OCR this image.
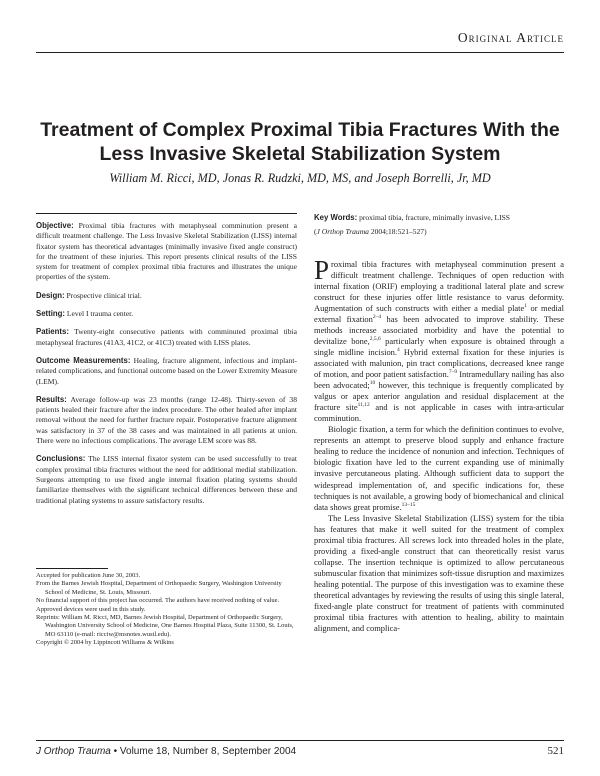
Original Article
Treatment of Complex Proximal Tibia Fractures With the Less Invasive Skeletal Stabilization System
William M. Ricci, MD, Jonas R. Rudzki, MD, MS, and Joseph Borrelli, Jr, MD

Objective: Proximal tibia fractures with metaphyseal comminution present a difficult treatment challenge. The Less Invasive Skeletal Stabilization (LISS) internal fixator system has theoretical advantages (minimally invasive fixed angle construct) for the treatment of these injuries. This report presents clinical results of the LISS system for treatment of complex proximal tibia fractures and illustrates the unique properties of the system.

Design: Prospective clinical trial.

Setting: Level I trauma center.

Patients: Twenty-eight consecutive patients with comminuted proximal tibia metaphyseal fractures (41A3, 41C2, or 41C3) treated with LISS plates.

Outcome Measurements: Healing, fracture alignment, infectious and implant-related complications, and functional outcome based on the Lower Extremity Measure (LEM).

Results: Average follow-up was 23 months (range 12-48). Thirty-seven of 38 patients healed their fracture after the index procedure. The other healed after implant removal without the need for further fracture repair. Postoperative fracture alignment was satisfactory in 37 of the 38 cases and was maintained in all patients at union. There were no infectious complications. The average LEM score was 88.

Conclusions: The LISS internal fixator system can be used successfully to treat complex proximal tibia fractures without the need for additional medial stabilization. Surgeons attempting to use fixed angle internal fixation plating systems should familiarize themselves with the significant technical differences between these and traditional plating systems to assure satisfactory results.

Accepted for publication June 30, 2003.

From the Barnes Jewish Hospital, Department of Orthopaedic Surgery, Washington University School of Medicine, St. Louis, Missouri.

No financial support of this project has occurred. The authors have received nothing of value.

Approved devices were used in this study.

Reprints: William M. Ricci, MD, Barnes Jewish Hospital, Department of Orthopaedic Surgery, Washington University School of Medicine, One Barnes Hospital Plaza, Suite 11300, St. Louis, MO 63110 (e-mail: ricciw@msnotes.wustl.edu).

Copyright © 2004 by Lippincott Williams & Wilkins

Key Words: proximal tibia, fracture, minimally invasive, LISS

(J Orthop Trauma 2004;18:521–527)

Proximal tibia fractures with metaphyseal comminution present a difficult treatment challenge. Techniques of open reduction with internal fixation (ORIF) employing a traditional lateral plate and screw construct for these injuries offer little resistance to varus deformity. Augmentation of such constructs with either a medial plate$^1$ or medial external fixation$^{2-4}$ has been advocated to improve stability. These methods increase associated morbidity and have the potential to devitalize bone,$^{2,5,6}$ particularly when exposure is obtained through a single midline incision.$^4$ Hybrid external fixation for these injuries is associated with malunion, pin tract complications, decreased knee range of motion, and poor patient satisfaction.$^{7-9}$ Intramedullary nailing has also been advocated;$^{10}$ however, this technique is frequently complicated by valgus or apex anterior angulation and residual displacement at the fracture site$^{11,12}$ and is not applicable in cases with intra-articular comminution.

Biologic fixation, a term for which the definition continues to evolve, represents an attempt to preserve blood supply and enhance fracture healing to reduce the incidence of nonunion and infection. Techniques of biologic fixation have led to the current expanding use of minimally invasive percutaneous plating. Although sufficient data to support the widespread implementation of, and specific indications for, these techniques is not available, a growing body of biomechanical and clinical data shows great promise.$^{13-15}$

The Less Invasive Skeletal Stabilization (LISS) system for the tibia has features that make it well suited for the treatment of complex proximal tibia fractures. All screws lock into threaded holes in the plate, providing a fixed-angle construct that can theoretically resist varus collapse. The insertion technique is optimized to allow percutaneous submuscular fixation that minimizes soft-tissue disruption and maximizes healing potential. The purpose of this investigation was to examine these theoretical advantages by reviewing the results of using this single lateral, fixed-angle plate construct for treatment of patients with comminuted proximal tibia fractures with attention to healing, ability to maintain alignment, and complica-

J Orthop Trauma • Volume 18, Number 8, September 2004	521
